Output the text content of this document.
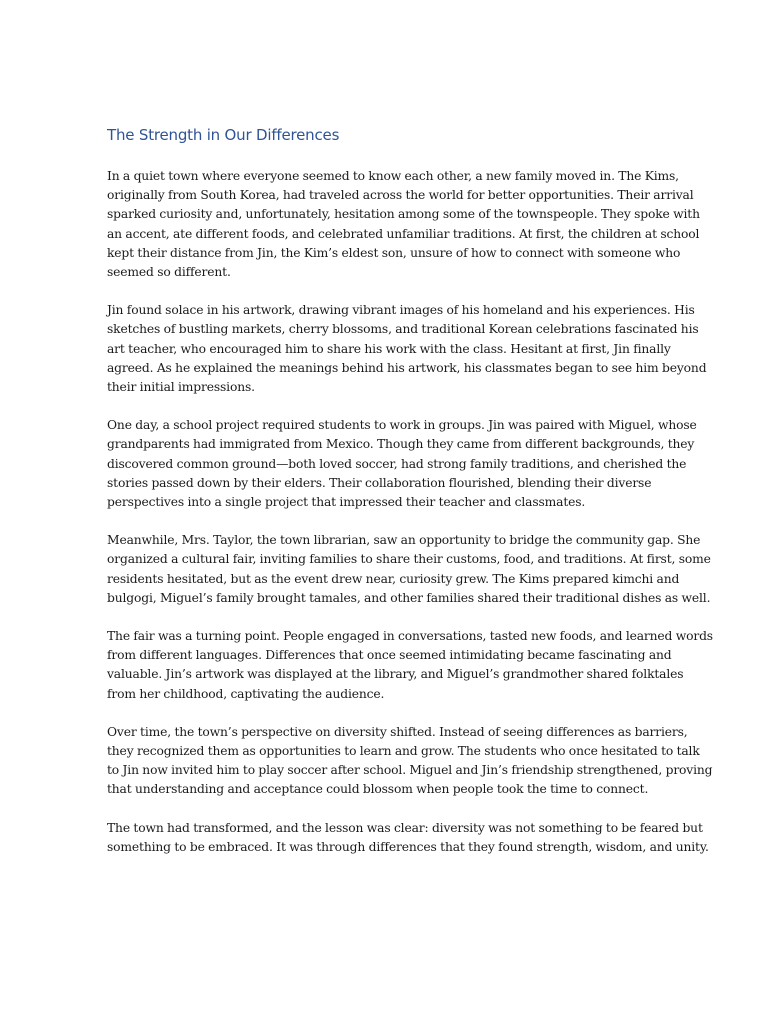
The Strength in Our Differences

In a quiet town where everyone seemed to know each other, a new family moved in. The Kims, originally from South Korea, had traveled across the world for better opportunities. Their arrival sparked curiosity and, unfortunately, hesitation among some of the townspeople. They spoke with an accent, ate different foods, and celebrated unfamiliar traditions. At first, the children at school kept their distance from Jin, the Kim’s eldest son, unsure of how to connect with someone who seemed so different.

Jin found solace in his artwork, drawing vibrant images of his homeland and his experiences. His sketches of bustling markets, cherry blossoms, and traditional Korean celebrations fascinated his art teacher, who encouraged him to share his work with the class. Hesitant at first, Jin finally agreed. As he explained the meanings behind his artwork, his classmates began to see him beyond their initial impressions.

One day, a school project required students to work in groups. Jin was paired with Miguel, whose grandparents had immigrated from Mexico. Though they came from different backgrounds, they discovered common ground—both loved soccer, had strong family traditions, and cherished the stories passed down by their elders. Their collaboration flourished, blending their diverse perspectives into a single project that impressed their teacher and classmates.

Meanwhile, Mrs. Taylor, the town librarian, saw an opportunity to bridge the community gap. She organized a cultural fair, inviting families to share their customs, food, and traditions. At first, some residents hesitated, but as the event drew near, curiosity grew. The Kims prepared kimchi and bulgogi, Miguel’s family brought tamales, and other families shared their traditional dishes as well.

The fair was a turning point. People engaged in conversations, tasted new foods, and learned words from different languages. Differences that once seemed intimidating became fascinating and valuable. Jin’s artwork was displayed at the library, and Miguel’s grandmother shared folktales from her childhood, captivating the audience.

Over time, the town’s perspective on diversity shifted. Instead of seeing differences as barriers, they recognized them as opportunities to learn and grow. The students who once hesitated to talk to Jin now invited him to play soccer after school. Miguel and Jin’s friendship strengthened, proving that understanding and acceptance could blossom when people took the time to connect.

The town had transformed, and the lesson was clear: diversity was not something to be feared but something to be embraced. It was through differences that they found strength, wisdom, and unity.
